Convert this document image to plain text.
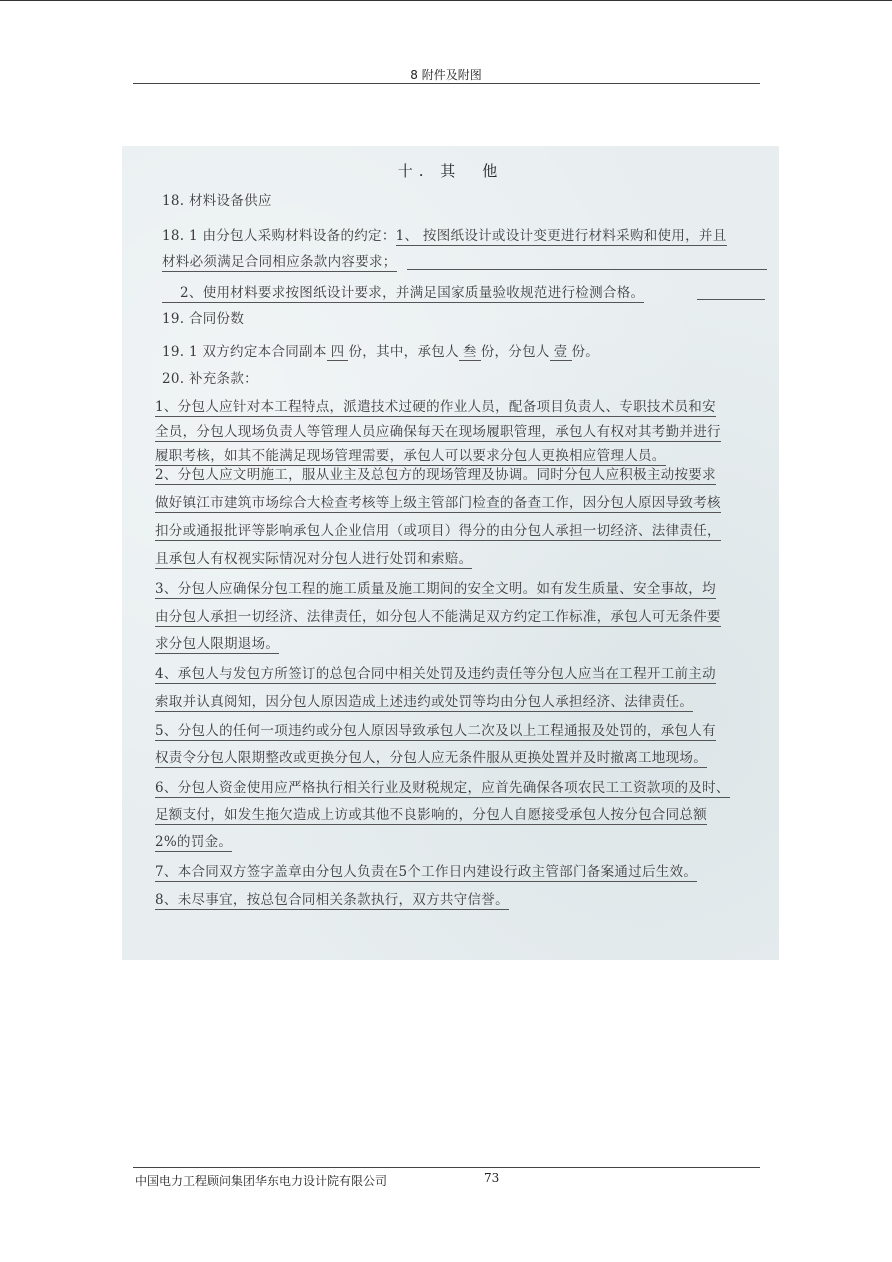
8 附件及附图
十. 其　他
18. 材料设备供应
18. 1 由分包人采购材料设备的约定：1、 按图纸设计或设计变更进行材料采购和使用，并且
材料必须满足合同相应条款内容要求；
2、使用材料要求按图纸设计要求，并满足国家质量验收规范进行检测合格。
19. 合同份数
19. 1 双方约定本合同副本 四 份，其中，承包人 叁 份，分包人 壹 份。
20. 补充条款：
1、分包人应针对本工程特点，派遣技术过硬的作业人员，配备项目负责人、专职技术员和安
全员，分包人现场负责人等管理人员应确保每天在现场履职管理，承包人有权对其考勤并进行
履职考核，如其不能满足现场管理需要，承包人可以要求分包人更换相应管理人员。
2、分包人应文明施工，服从业主及总包方的现场管理及协调。同时分包人应积极主动按要求
做好镇江市建筑市场综合大检查考核等上级主管部门检查的备查工作，因分包人原因导致考核
扣分或通报批评等影响承包人企业信用（或项目）得分的由分包人承担一切经济、法律责任，
且承包人有权视实际情况对分包人进行处罚和索赔。
3、分包人应确保分包工程的施工质量及施工期间的安全文明。如有发生质量、安全事故，均
由分包人承担一切经济、法律责任，如分包人不能满足双方约定工作标准，承包人可无条件要
求分包人限期退场。
4、承包人与发包方所签订的总包合同中相关处罚及违约责任等分包人应当在工程开工前主动
索取并认真阅知，因分包人原因造成上述违约或处罚等均由分包人承担经济、法律责任。
5、分包人的任何一项违约或分包人原因导致承包人二次及以上工程通报及处罚的，承包人有
权责令分包人限期整改或更换分包人，分包人应无条件服从更换处置并及时撤离工地现场。
6、分包人资金使用应严格执行相关行业及财税规定，应首先确保各项农民工工资款项的及时、
足额支付，如发生拖欠造成上访或其他不良影响的，分包人自愿接受承包人按分包合同总额
2%的罚金。
7、本合同双方签字盖章由分包人负责在5个工作日内建设行政主管部门备案通过后生效。
8、未尽事宜，按总包合同相关条款执行，双方共守信誉。
中国电力工程顾问集团华东电力设计院有限公司	73
